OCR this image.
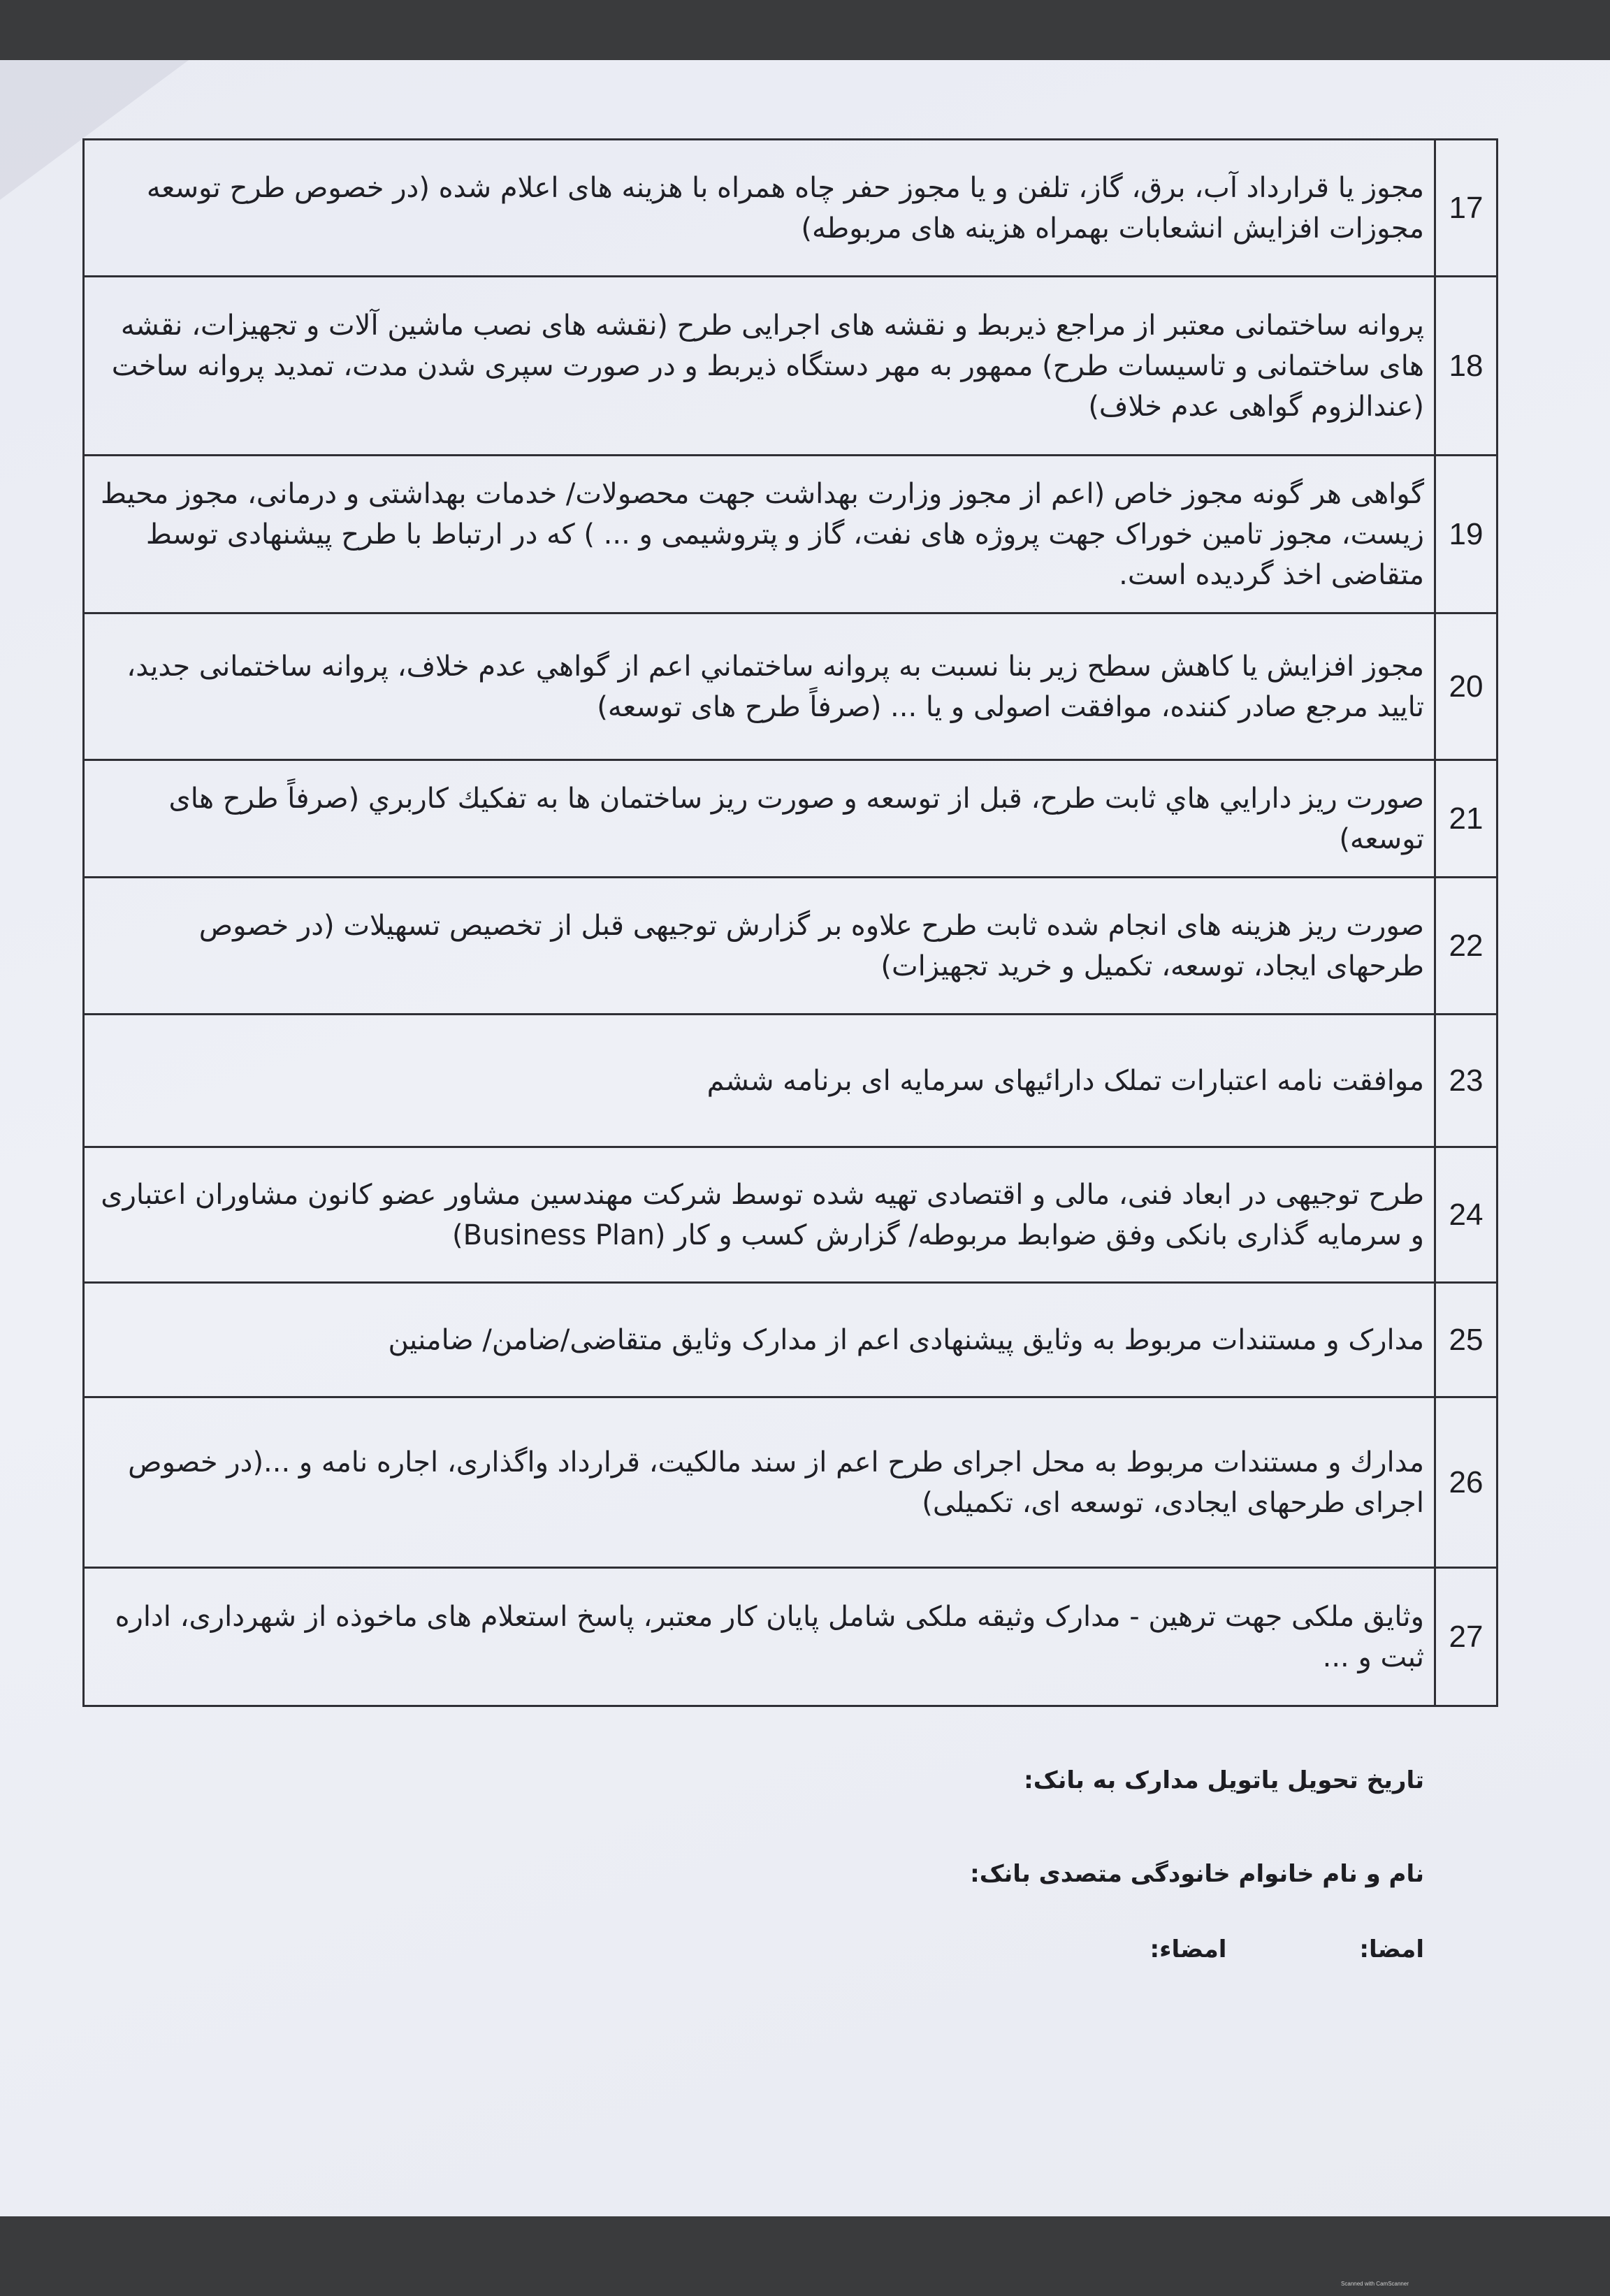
مجوز یا قرارداد آب، برق، گاز، تلفن و یا مجوز حفر چاه همراه با هزینه های اعلام شده (در خصوص طرح توسعه مجوزات افزایش انشعابات بهمراه هزینه های مربوطه)	17
پروانه ساختمانی معتبر از مراجع ذیربط و نقشه های اجرایی طرح (نقشه های نصب ماشین آلات و تجهیزات، نقشه های ساختمانی و تاسیسات طرح) ممهور به مهر دستگاه ذیربط و در صورت سپری شدن مدت، تمدید پروانه ساخت (عندالزوم گواهی عدم خلاف)	18
گواهی هر گونه مجوز خاص (اعم از مجوز وزارت بهداشت جهت محصولات/ خدمات بهداشتی و درمانی، مجوز محیط زیست، مجوز تامین خوراک جهت پروژه های نفت، گاز و پتروشیمی و ... ) که در ارتباط با طرح پیشنهادی توسط متقاضی اخذ گردیده است.	19
مجوز افزایش یا کاهش سطح زیر بنا نسبت به پروانه ساختماني اعم از گواهي عدم خلاف، پروانه ساختمانی جدید، تایید مرجع صادر کننده، موافقت اصولی و یا ... (صرفاً طرح های توسعه)	20
صورت ریز دارايي هاي ثابت طرح، قبل از توسعه و صورت ریز ساختمان ها به تفکیك کاربري (صرفاً طرح های توسعه)	21
صورت ریز هزینه های انجام شده ثابت طرح علاوه بر گزارش توجیهی قبل از تخصیص تسهیلات (در خصوص طرحهای ایجاد، توسعه، تکمیل و خرید تجهیزات)	22
موافقت نامه اعتبارات تملک دارائیهای سرمایه ای برنامه ششم	23
طرح توجیهی در ابعاد فنی، مالی و اقتصادی تهیه شده توسط شرکت مهندسین مشاور عضو کانون مشاوران اعتباری و سرمایه گذاری بانکی وفق ضوابط مربوطه/ گزارش کسب و کار (Business Plan)	24
مدارک و مستندات مربوط به وثایق پیشنهادی اعم از مدارک وثایق متقاضی/ضامن/ ضامنین	25
مدارك و مستندات مربوط به محل اجرای طرح اعم از سند مالکیت، قرارداد واگذاری، اجاره نامه و ...(در خصوص اجرای طرحهای ایجادی، توسعه ای، تکمیلی)	26
وثایق ملکی جهت ترهین - مدارک وثیقه ملکی شامل پایان کار معتبر، پاسخ استعلام های ماخوذه از شهرداری، اداره ثبت و ...	27
تاریخ تحویل یاتویل مدارک به بانک:
نام و نام خانوام خانودگی متصدی بانک:
امضا:
امضاء:
Scanned with CamScanner
